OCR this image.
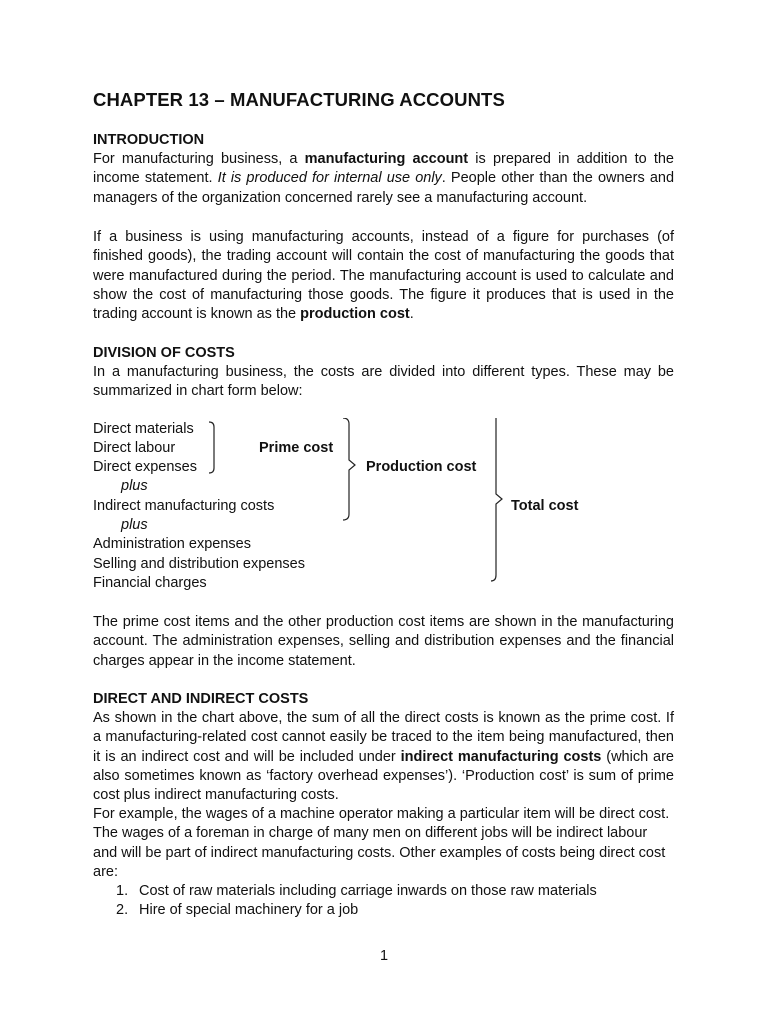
CHAPTER 13 – MANUFACTURING ACCOUNTS
INTRODUCTION

For manufacturing business, a manufacturing account is prepared in addition to the income statement. It is produced for internal use only. People other than the owners and managers of the organization concerned rarely see a manufacturing account.

If a business is using manufacturing accounts, instead of a figure for purchases (of finished goods), the trading account will contain the cost of manufacturing the goods that were manufactured during the period. The manufacturing account is used to calculate and show the cost of manufacturing those goods. The figure it produces that is used in the trading account is known as the production cost.

DIVISION OF COSTS

In a manufacturing business, the costs are divided into different types. These may be summarized in chart form below:

Direct materials
Direct labour
Direct expenses
plus
Indirect manufacturing costs
plus
Administration expenses
Selling and distribution expenses
Financial charges
Prime cost
Production cost
Total cost

The prime cost items and the other production cost items are shown in the manufacturing account. The administration expenses, selling and distribution expenses and the financial charges appear in the income statement.

DIRECT AND INDIRECT COSTS

As shown in the chart above, the sum of all the direct costs is known as the prime cost. If a manufacturing-related cost cannot easily be traced to the item being manufactured, then it is an indirect cost and will be included under indirect manufacturing costs (which are also sometimes known as ‘factory overhead expenses’). ‘Production cost’ is sum of prime cost plus indirect manufacturing costs.

For example, the wages of a machine operator making a particular item will be direct cost. The wages of a foreman in charge of many men on different jobs will be indirect labour and will be part of indirect manufacturing costs. Other examples of costs being direct cost are:

1. Cost of raw materials including carriage inwards on those raw materials
2. Hire of special machinery for a job
1
